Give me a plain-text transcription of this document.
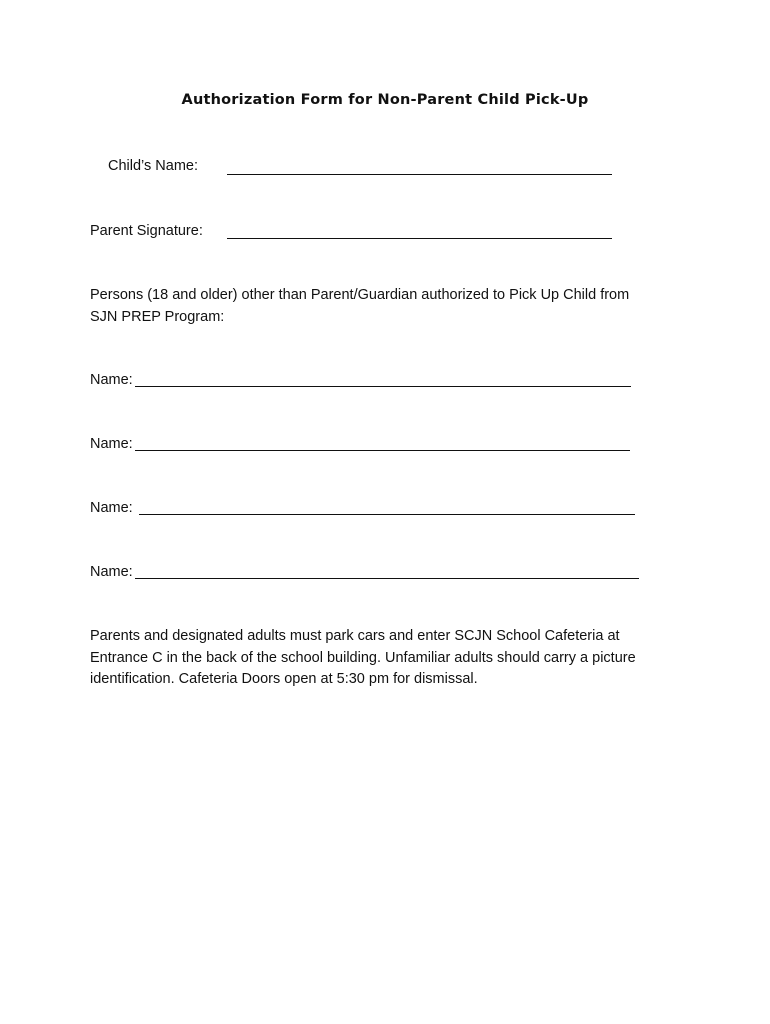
Authorization Form for Non-Parent Child Pick-Up
Child’s Name:
Parent Signature:
Persons (18 and older) other than Parent/Guardian authorized to Pick Up Child from
SJN PREP Program:
Name:
Name:
Name:
Name:
Parents and designated adults must park cars and enter SCJN School Cafeteria at
Entrance C in the back of the school building. Unfamiliar adults should carry a picture
identification. Cafeteria Doors open at 5:30 pm for dismissal.
